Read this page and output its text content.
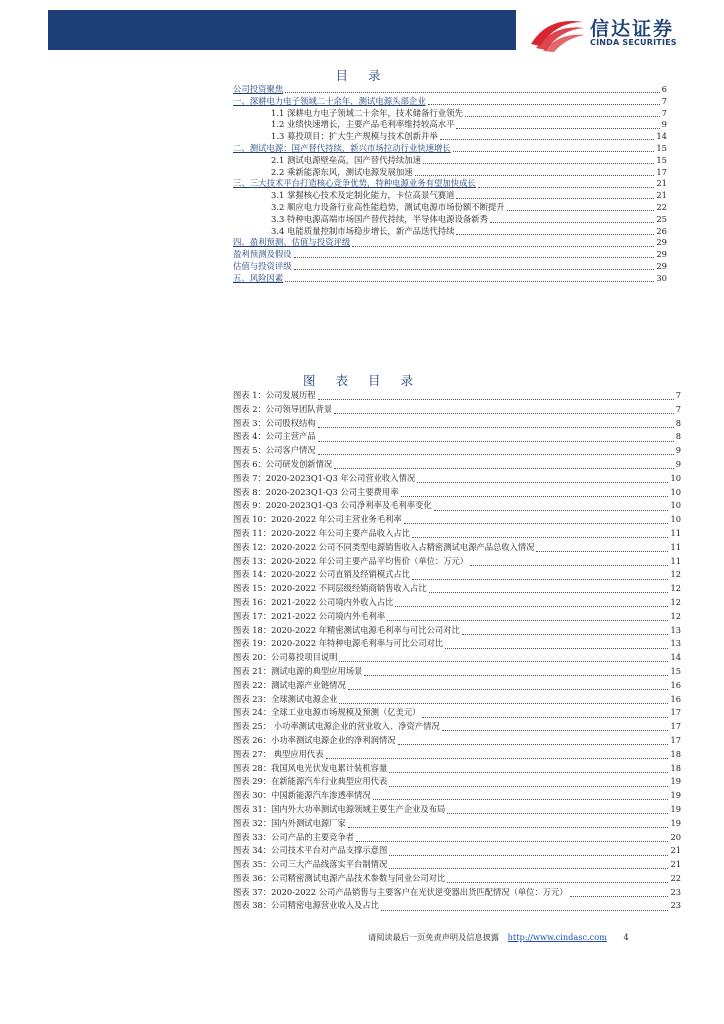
信达证券
CINDA SECURITIES
目 录
公司投资聚焦	6
一、深耕电力电子领域二十余年，测试电源头部企业	7
1.1 深耕电力电子领域二十余年，技术储备行业领先	7
1.2 业绩快速增长，主要产品毛利率维持较高水平	9
1.3 募投项目：扩大生产规模与技术创新并举	14
二、测试电源：国产替代持续，新兴市场拉动行业快速增长	15
2.1 测试电源壁垒高，国产替代持续加速	15
2.2 乘新能源东风，测试电源发展加速	17
三、三大技术平台打造核心竞争优势，特种电源业务有望加快成长	21
3.1 掌握核心技术及定制化能力，卡位高景气赛道	21
3.2 顺应电力设备行业高性能趋势，测试电源市场份额不断提升	22
3.3 特种电源高端市场国产替代持续，半导体电源设备新秀	25
3.4 电能质量控制市场稳步增长，新产品迭代持续	26
四、盈利预测、估值与投资评级	29
盈利预测及假设	29
估值与投资评级	29
五、风险因素	30
图 表 目 录
图表 1：公司发展历程	7
图表 2：公司领导团队背景	7
图表 3：公司股权结构	8
图表 4：公司主营产品	8
图表 5：公司客户情况	9
图表 6：公司研发创新情况	9
图表 7：2020-2023Q1-Q3 年公司营业收入情况	10
图表 8：2020-2023Q1-Q3 公司主要费用率	10
图表 9：2020-2023Q1-Q3 公司净利率及毛利率变化	10
图表 10：2020-2022 年公司主营业务毛利率	10
图表 11：2020-2022 年公司主要产品收入占比	11
图表 12：2020-2022 公司不同类型电源销售收入占精密测试电源产品总收入情况	11
图表 13：2020-2022 年公司主要产品平均售价（单位：万元）	11
图表 14：2020-2022 公司直销及经销模式占比	12
图表 15：2020-2022 不同层级经销商销售收入占比	12
图表 16：2021-2022 公司境内外收入占比	12
图表 17：2021-2022 公司境内外毛利率	12
图表 18：2020-2022 年精密测试电源毛利率与可比公司对比	13
图表 19：2020-2022 年特种电源毛利率与可比公司对比	13
图表 20：公司募投项目说明	14
图表 21：测试电源的典型应用场景	15
图表 22：测试电源产业链情况	16
图表 23：全球测试电源企业	16
图表 24：全球工业电源市场规模及预测（亿美元）	17
图表 25： 小功率测试电源企业的营业收入、净资产情况	17
图表 26：小功率测试电源企业的净利润情况	17
图表 27： 典型应用代表	18
图表 28：我国风电光伏发电累计装机容量	18
图表 29：在新能源汽车行业典型应用代表	19
图表 30：中国新能源汽车渗透率情况	19
图表 31：国内外大功率测试电源领域主要生产企业及布局	19
图表 32：国内外测试电源厂家	19
图表 33：公司产品的主要竞争者	20
图表 34：公司技术平台对产品支撑示意图	21
图表 35：公司三大产品线落实平台制情况	21
图表 36：公司精密测试电源产品技术参数与同业公司对比	22
图表 37：2020-2022 公司产品销售与主要客户在光伏逆变器出货匹配情况（单位：万元）	23
图表 38：公司精密电源营业收入及占比	23
请阅读最后一页免责声明及信息披露 http://www.cindasc.com 4
